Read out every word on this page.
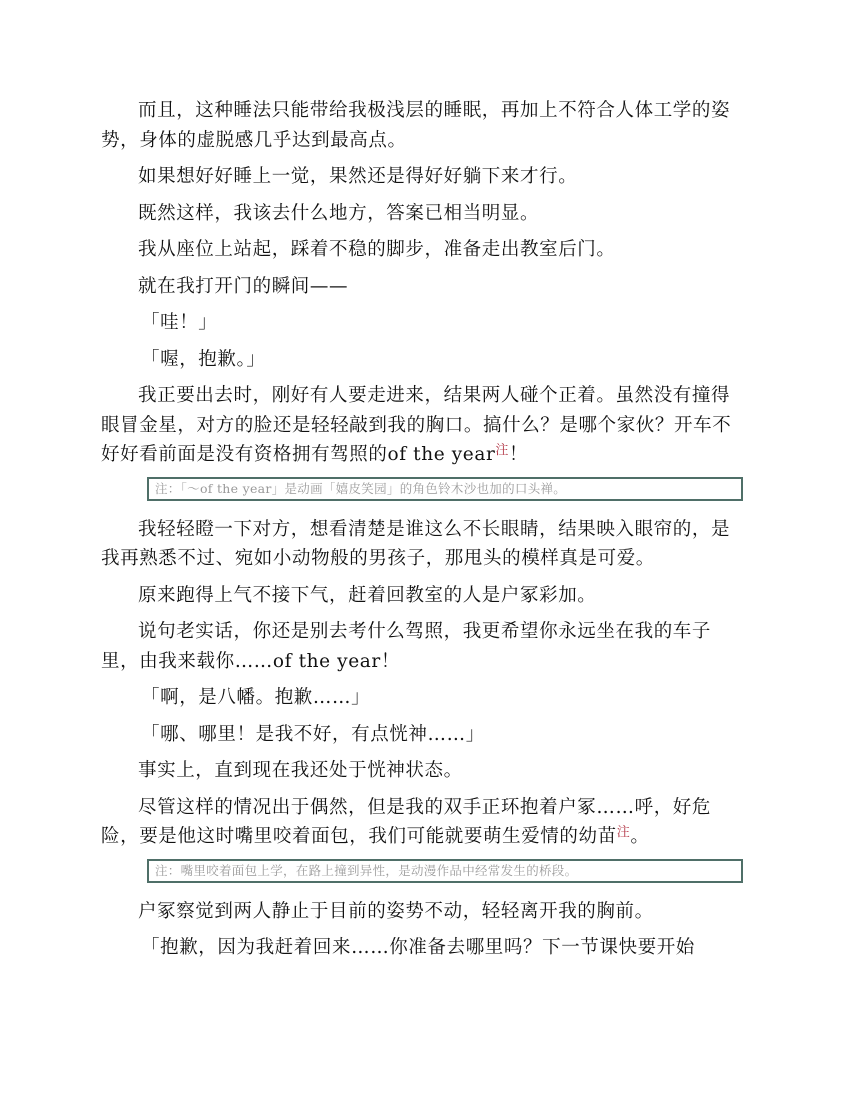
而且，这种睡法只能带给我极浅层的睡眠，再加上不符合人体工学的姿势，身体的虚脱感几乎达到最高点。

如果想好好睡上一觉，果然还是得好好躺下来才行。

既然这样，我该去什么地方，答案已相当明显。

我从座位上站起，踩着不稳的脚步，准备走出教室后门。

就在我打开门的瞬间——

「哇！」

「喔，抱歉。」

我正要出去时，刚好有人要走进来，结果两人碰个正着。虽然没有撞得眼冒金星，对方的脸还是轻轻敲到我的胸口。搞什么？是哪个家伙？开车不好好看前面是没有资格拥有驾照的of the year$^注$！

注：「～of the year」是动画「嬉皮笑园」的角色铃木沙也加的口头禅。

我轻轻瞪一下对方，想看清楚是谁这么不长眼睛，结果映入眼帘的，是我再熟悉不过、宛如小动物般的男孩子，那甩头的模样真是可爱。

原来跑得上气不接下气，赶着回教室的人是户冢彩加。

说句老实话，你还是别去考什么驾照，我更希望你永远坐在我的车子里，由我来载你……of the year！

「啊，是八幡。抱歉……」

「哪、哪里！是我不好，有点恍神……」

事实上，直到现在我还处于恍神状态。

尽管这样的情况出于偶然，但是我的双手正环抱着户冢……呼，好危险，要是他这时嘴里咬着面包，我们可能就要萌生爱情的幼苗$^注$。

注：嘴里咬着面包上学，在路上撞到异性，是动漫作品中经常发生的桥段。

户冢察觉到两人静止于目前的姿势不动，轻轻离开我的胸前。

「抱歉，因为我赶着回来……你准备去哪里吗？下一节课快要开始
